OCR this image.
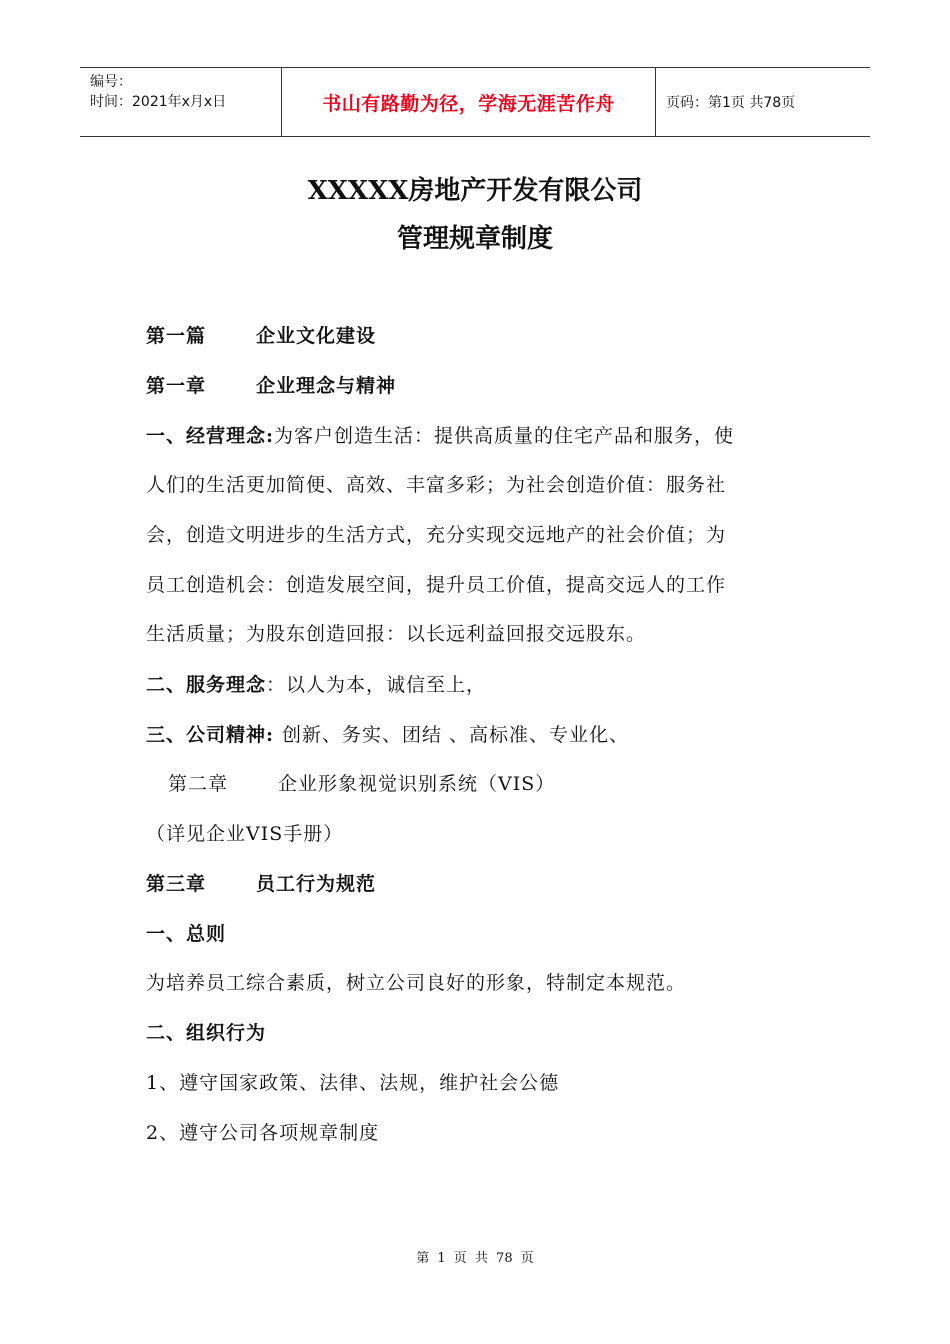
编号：
时间：2021年x月x日	书山有路勤为径，学海无涯苦作舟	页码：第1页 共78页
XXXXX房地产开发有限公司
管理规章制度
第一篇	企业文化建设
第一章	企业理念与精神
一、经营理念:为客户创造生活：提供高质量的住宅产品和服务，使
人们的生活更加简便、高效、丰富多彩；为社会创造价值：服务社
会，创造文明进步的生活方式，充分实现交远地产的社会价值；为
员工创造机会：创造发展空间，提升员工价值，提高交远人的工作
生活质量；为股东创造回报：以长远利益回报交远股东。
二、服务理念：以人为本，诚信至上，
三、公司精神: 创新、务实、团结 、高标准、专业化、
第二章	企业形象视觉识别系统（VIS）
（详见企业VIS手册）
第三章	员工行为规范
一、总则
为培养员工综合素质，树立公司良好的形象，特制定本规范。
二、组织行为
1、遵守国家政策、法律、法规，维护社会公德
2、遵守公司各项规章制度
第 1 页 共 78 页
